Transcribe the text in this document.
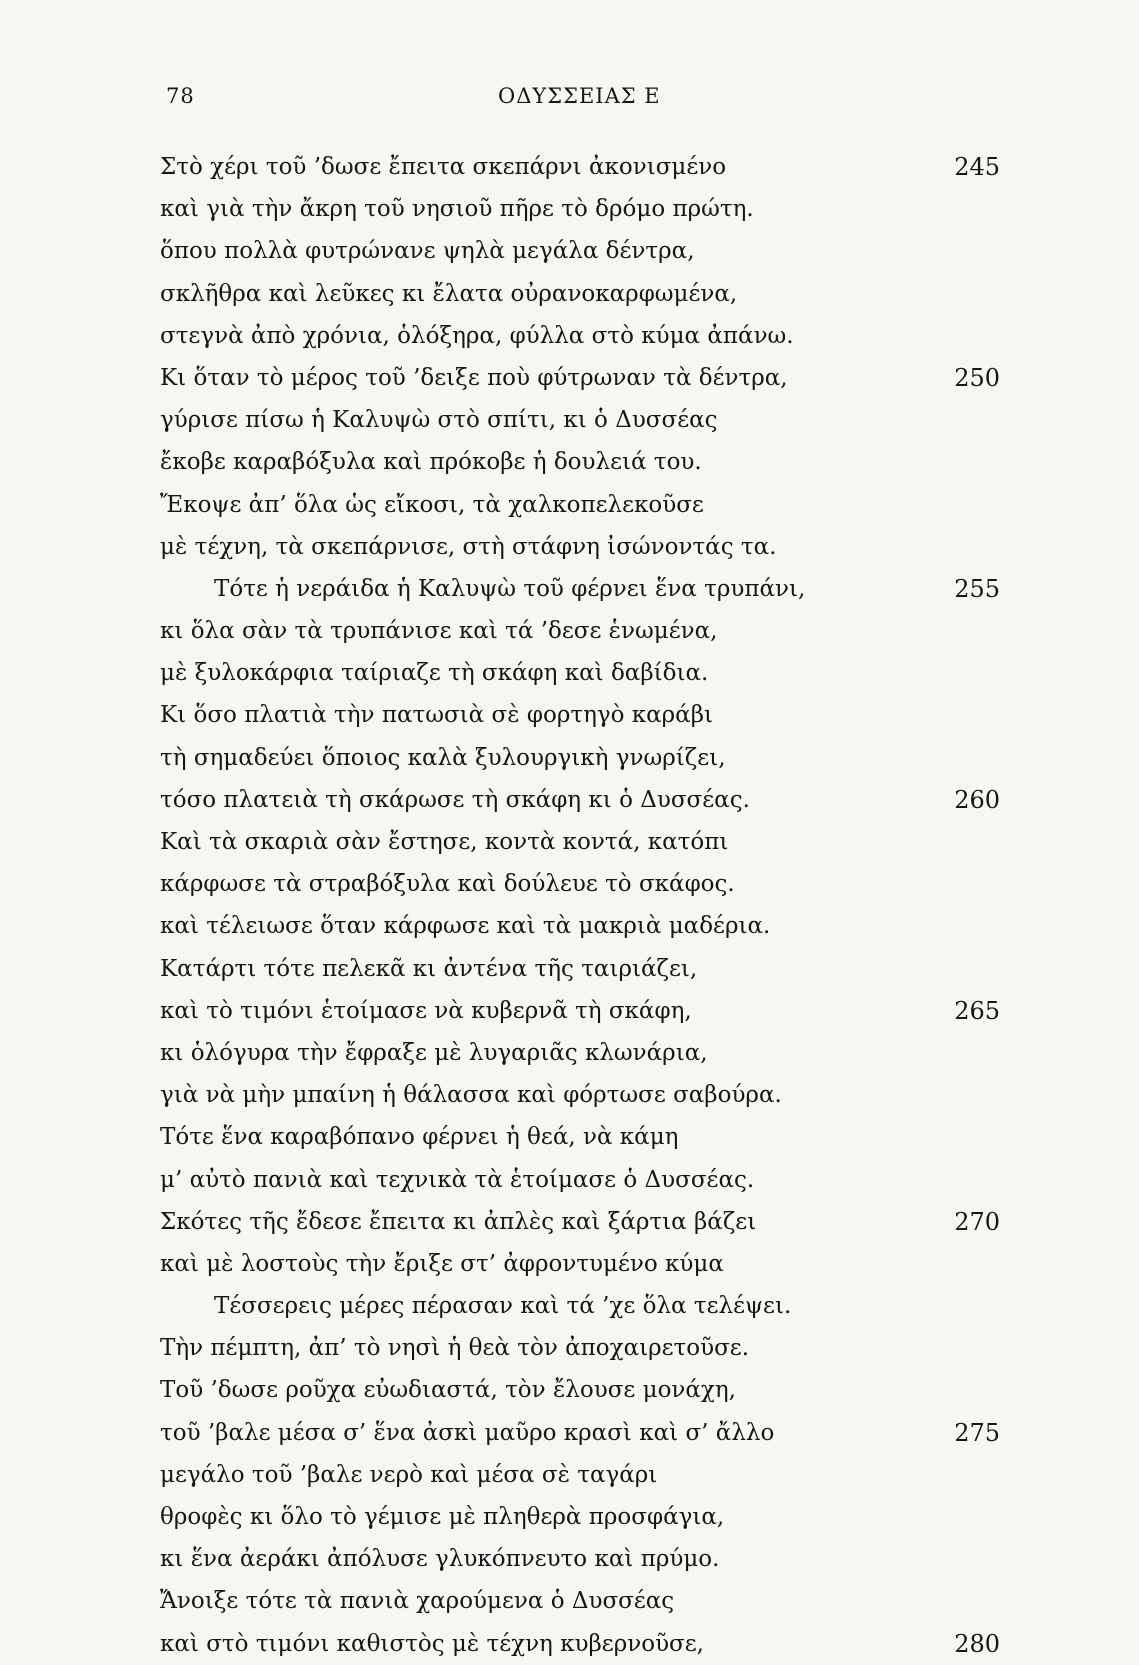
78	ΟΔΥΣΣΕΙΑΣ Ε
Στὸ χέρι τοῦ ’δωσε ἔπειτα σκεπάρνι ἀκονισμένο	245
καὶ γιὰ τὴν ἄκρη τοῦ νησιοῦ πῆρε τὸ δρόμο πρώτη.
ὅπου πολλὰ φυτρώνανε ψηλὰ μεγάλα δέντρα,
σκλῆθρα καὶ λεῦκες κι ἔλατα οὐρανοκαρφωμένα,
στεγνὰ ἀπὸ χρόνια, ὁλόξηρα, φύλλα στὸ κύμα ἀπάνω.
Κι ὅταν τὸ μέρος τοῦ ’δειξε ποὺ φύτρωναν τὰ δέντρα,	250
γύρισε πίσω ἡ Καλυψὼ στὸ σπίτι, κι ὁ Δυσσέας
ἔκοβε καραβόξυλα καὶ πρόκοβε ἡ δουλειά του.
Ἔκοψε ἀπ’ ὅλα ὡς εἴκοσι, τὰ χαλκοπελεκοῦσε
μὲ τέχνη, τὰ σκεπάρνισε, στὴ στάφνη ἰσώνοντάς τα.
Τότε ἡ νεράιδα ἡ Καλυψὼ τοῦ φέρνει ἕνα τρυπάνι,	255
κι ὅλα σὰν τὰ τρυπάνισε καὶ τά ’δεσε ἑνωμένα,
μὲ ξυλοκάρφια ταίριαζε τὴ σκάφη καὶ δαβίδια.
Κι ὅσο πλατιὰ τὴν πατωσιὰ σὲ φορτηγὸ καράβι
τὴ σημαδεύει ὅποιος καλὰ ξυλουργικὴ γνωρίζει,
τόσο πλατειὰ τὴ σκάρωσε τὴ σκάφη κι ὁ Δυσσέας.	260
Καὶ τὰ σκαριὰ σὰν ἔστησε, κοντὰ κοντά, κατόπι
κάρφωσε τὰ στραβόξυλα καὶ δούλευε τὸ σκάφος.
καὶ τέλειωσε ὅταν κάρφωσε καὶ τὰ μακριὰ μαδέρια.
Κατάρτι τότε πελεκᾶ κι ἀντένα τῆς ταιριάζει,
καὶ τὸ τιμόνι ἑτοίμασε νὰ κυβερνᾶ τὴ σκάφη,	265
κι ὁλόγυρα τὴν ἔφραξε μὲ λυγαριᾶς κλωνάρια,
γιὰ νὰ μὴν μπαίνη ἡ θάλασσα καὶ φόρτωσε σαβούρα.
Τότε ἕνα καραβόπανο φέρνει ἡ θεά, νὰ κάμη
μ’ αὐτὸ πανιὰ καὶ τεχνικὰ τὰ ἑτοίμασε ὁ Δυσσέας.
Σκότες τῆς ἔδεσε ἔπειτα κι ἀπλὲς καὶ ξάρτια βάζει	270
καὶ μὲ λοστοὺς τὴν ἔριξε στ’ ἀφροντυμένο κύμα
Τέσσερεις μέρες πέρασαν καὶ τά ’χε ὅλα τελέψει.
Τὴν πέμπτη, ἀπ’ τὸ νησὶ ἡ θεὰ τὸν ἀποχαιρετοῦσε.
Τοῦ ’δωσε ροῦχα εὐωδιαστά, τὸν ἔλουσε μονάχη,
τοῦ ’βαλε μέσα σ’ ἕνα ἀσκὶ μαῦρο κρασὶ καὶ σ’ ἄλλο	275
μεγάλο τοῦ ’βαλε νερὸ καὶ μέσα σὲ ταγάρι
θροφὲς κι ὅλο τὸ γέμισε μὲ πληθερὰ προσφάγια,
κι ἕνα ἀεράκι ἀπόλυσε γλυκόπνευτο καὶ πρύμο.
Ἄνοιξε τότε τὰ πανιὰ χαρούμενα ὁ Δυσσέας
καὶ στὸ τιμόνι καθιστὸς μὲ τέχνη κυβερνοῦσε,	280
